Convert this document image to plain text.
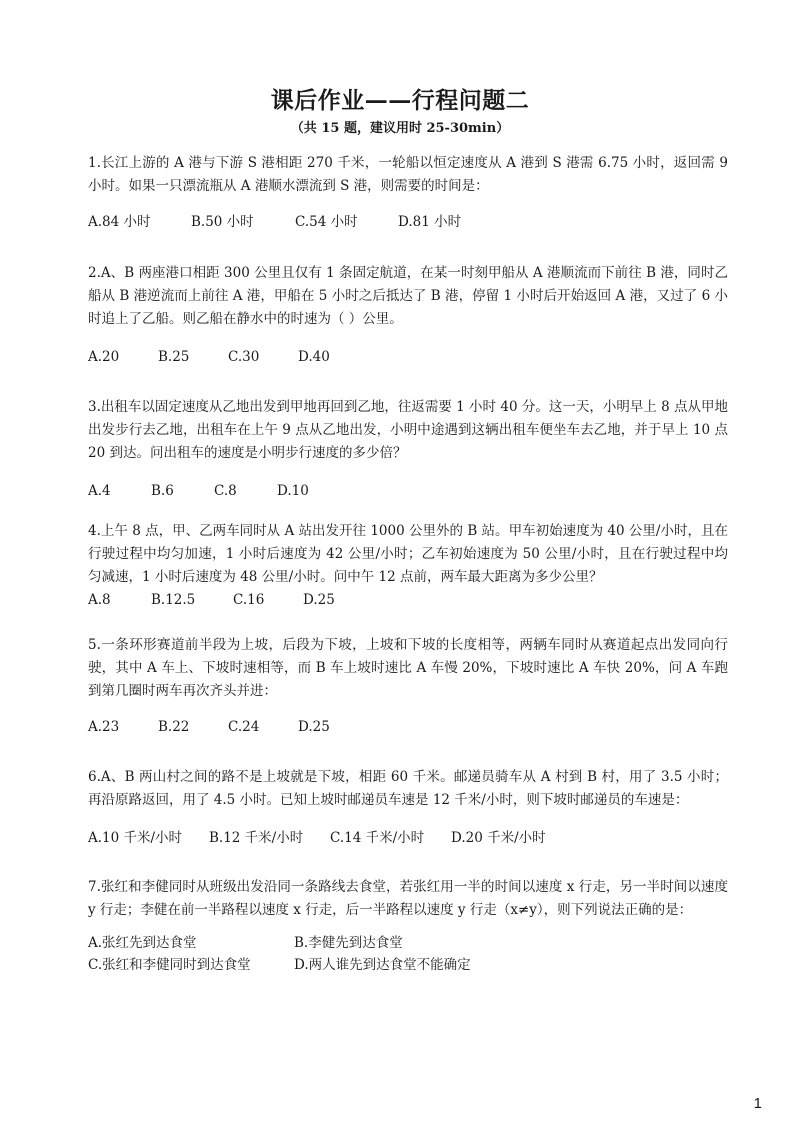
课后作业——行程问题二
（共 15 题，建议用时 25-30min）

1.长江上游的 A 港与下游 S 港相距 270 千米，一轮船以恒定速度从 A 港到 S 港需 6.75 小时，返回需 9 小时。如果一只漂流瓶从 A 港顺水漂流到 S 港，则需要的时间是：

A.84 小时	B.50 小时	C.54 小时	D.81 小时

2.A、B 两座港口相距 300 公里且仅有 1 条固定航道，在某一时刻甲船从 A 港顺流而下前往 B 港，同时乙船从 B 港逆流而上前往 A 港，甲船在 5 小时之后抵达了 B 港，停留 1 小时后开始返回 A 港，又过了 6 小时追上了乙船。则乙船在静水中的时速为（ ）公里。

A.20	B.25	C.30	D.40

3.出租车以固定速度从乙地出发到甲地再回到乙地，往返需要 1 小时 40 分。这一天，小明早上 8 点从甲地出发步行去乙地，出租车在上午 9 点从乙地出发，小明中途遇到这辆出租车便坐车去乙地，并于早上 10 点 20 到达。问出租车的速度是小明步行速度的多少倍？

A.4	B.6	C.8	D.10

4.上午 8 点，甲、乙两车同时从 A 站出发开往 1000 公里外的 B 站。甲车初始速度为 40 公里/小时，且在行驶过程中均匀加速，1 小时后速度为 42 公里/小时；乙车初始速度为 50 公里/小时，且在行驶过程中均匀减速，1 小时后速度为 48 公里/小时。问中午 12 点前，两车最大距离为多少公里？

A.8	B.12.5	C.16	D.25

5.一条环形赛道前半段为上坡，后段为下坡，上坡和下坡的长度相等，两辆车同时从赛道起点出发同向行驶，其中 A 车上、下坡时速相等，而 B 车上坡时速比 A 车慢 20%，下坡时速比 A 车快 20%，问 A 车跑到第几圈时两车再次齐头并进：

A.23	B.22	C.24	D.25

6.A、B 两山村之间的路不是上坡就是下坡，相距 60 千米。邮递员骑车从 A 村到 B 村，用了 3.5 小时；再沿原路返回，用了 4.5 小时。已知上坡时邮递员车速是 12 千米/小时，则下坡时邮递员的车速是：

A.10 千米/小时 B.12 千米/小时 C.14 千米/小时 D.20 千米/小时

7.张红和李健同时从班级出发沿同一条路线去食堂，若张红用一半的时间以速度 x 行走，另一半时间以速度 y 行走；李健在前一半路程以速度 x 行走，后一半路程以速度 y 行走（x≠y），则下列说法正确的是：

A.张红先到达食堂	B.李健先到达食堂
C.张红和李健同时到达食堂	D.两人谁先到达食堂不能确定
1
